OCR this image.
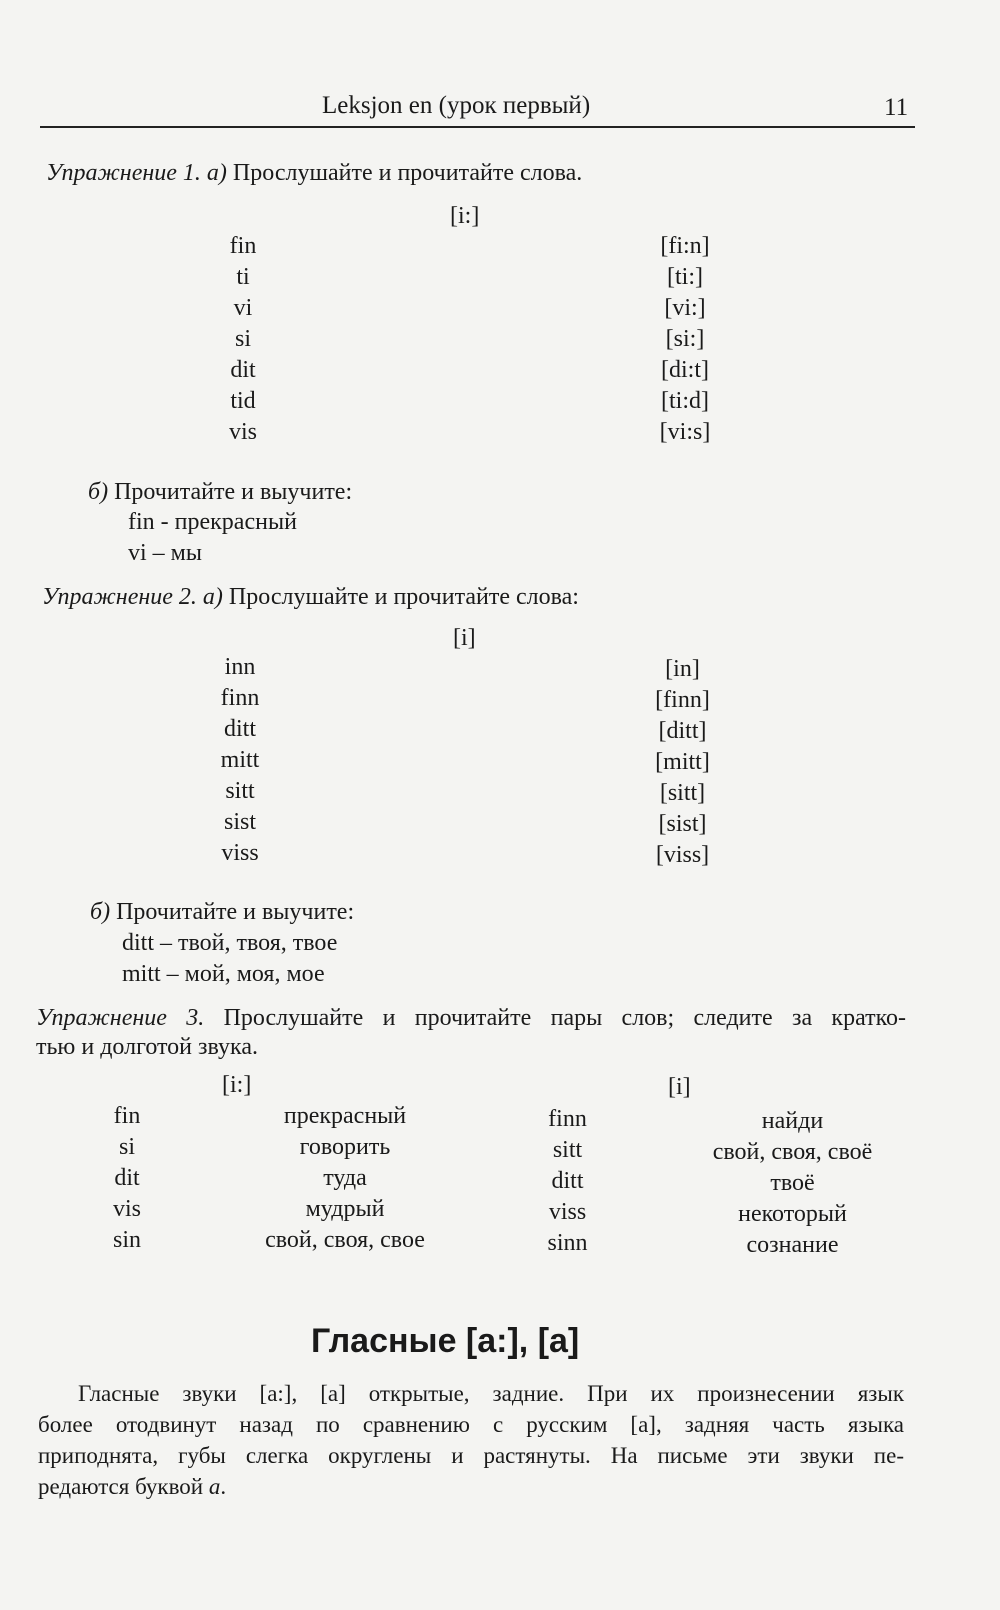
Leksjon en (урок первый)	11
Упражнение 1. а) Прослушайте и прочитайте слова.
[i:]
fin
ti
vi
si
dit
tid
vis
[fi:n]
[ti:]
[vi:]
[si:]
[di:t]
[ti:d]
[vi:s]
б) Прочитайте и выучите:
fin - прекрасный
vi – мы
Упражнение 2. а) Прослушайте и прочитайте слова:
[i]
inn
finn
ditt
mitt
sitt
sist
viss
[in]
[finn]
[ditt]
[mitt]
[sitt]
[sist]
[viss]
б) Прочитайте и выучите:
ditt – твой, твоя, твое
mitt – мой, моя, мое
Упражнение 3. Прослушайте и прочитайте пары слов; следите за кратко-
тью и долготой звука.
[i:]	[i]
fin
si
dit
vis
sin
прекрасный
говорить
туда
мудрый
свой, своя, свое
finn
sitt
ditt
viss
sinn
найди
свой, своя, своё
твоё
некоторый
сознание
Гласные [a:], [a]
Гласные звуки [a:], [a] открытые, задние. При их произнесении язык
более отодвинут назад по сравнению с русским [a], задняя часть языка
приподнята, губы слегка округлены и растянуты. На письме эти звуки пе-
редаются буквой a.
